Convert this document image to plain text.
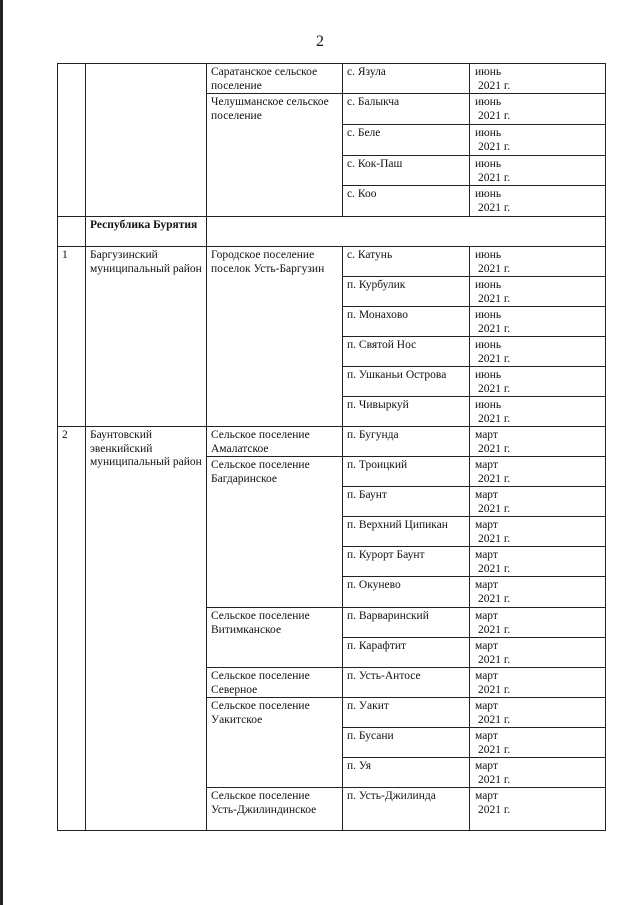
2
		Саратанское сельское поселение	с. Язула	июнь
2021 г.

		Челушманское сельское поселение	с. Балыкча	июнь
2021 г.

			с. Беле	июнь
2021 г.

			с. Кок-Паш	июнь
2021 г.

			с. Коо	июнь
2021 г.

	Республика Бурятия			
1	Баргузинский муниципальный район	Городское поселение поселок Усть-Баргузин	с. Катунь	июнь
2021 г.

			п. Курбулик	июнь
2021 г.

			п. Монахово	июнь
2021 г.

			п. Святой Нос	июнь
2021 г.

			п. Ушканьи Острова	июнь
2021 г.

			п. Чивыркуй	июнь
2021 г.

2	Баунтовский эвенкийский муниципальный район	Сельское поселение Амалатское	п. Бугунда	март
2021 г.

		Сельское поселение Багдаринское	п. Троицкий	март
2021 г.

			п. Баунт	март
2021 г.

			п. Верхний Ципикан	март
2021 г.

			п. Курорт Баунт	март
2021 г.

			п. Окунево	март
2021 г.

		Сельское поселение Витимканское	п. Варваринский	март
2021 г.

			п. Карафтит	март
2021 г.

		Сельское поселение Северное	п. Усть-Антосе	март
2021 г.

		Сельское поселение Уакитское	п. Уакит	март
2021 г.

			п. Бусани	март
2021 г.

			п. Уя	март
2021 г.

		Сельское поселение Усть-Джилиндинское	п. Усть-Джилинда	март
2021 г.
